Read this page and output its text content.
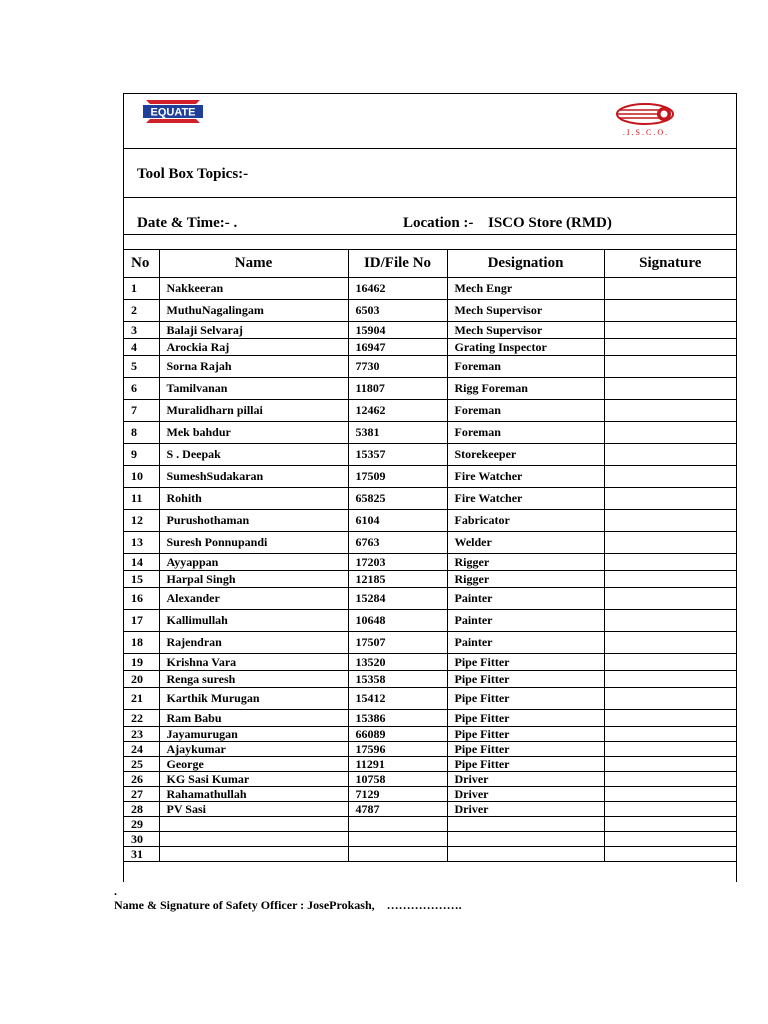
EQUATE
. I . S . C . O .
Tool Box Topics:-
Date & Time:- .	Location :- ISCO Store (RMD)
No	Name	ID/File No	Designation	Signature
1	Nakkeeran	16462	Mech Engr	
2	MuthuNagalingam	6503	Mech Supervisor	
3	Balaji Selvaraj	15904	Mech Supervisor	
4	Arockia Raj	16947	Grating Inspector	
5	Sorna Rajah	7730	Foreman	
6	Tamilvanan	11807	Rigg Foreman	
7	Muralidharn pillai	12462	Foreman	
8	Mek bahdur	5381	Foreman	
9	S . Deepak	15357	Storekeeper	
10	SumeshSudakaran	17509	Fire Watcher	
11	Rohith	65825	Fire Watcher	
12	Purushothaman	6104	Fabricator	
13	Suresh Ponnupandi	6763	Welder	
14	Ayyappan	17203	Rigger	
15	Harpal Singh	12185	Rigger	
16	Alexander	15284	Painter	
17	Kallimullah	10648	Painter	
18	Rajendran	17507	Painter	
19	Krishna Vara	13520	Pipe Fitter	
20	Renga suresh	15358	Pipe Fitter	
21	Karthik Murugan	15412	Pipe Fitter	
22	Ram Babu	15386	Pipe Fitter	
23	Jayamurugan	66089	Pipe Fitter	
24	Ajaykumar	17596	Pipe Fitter	
25	George	11291	Pipe Fitter	
26	KG Sasi Kumar	10758	Driver	
27	Rahamathullah	7129	Driver	
28	PV Sasi	4787	Driver	
29				
30				
31				
.
Name & Signature of Safety Officer : JoseProkash,    ……………….
